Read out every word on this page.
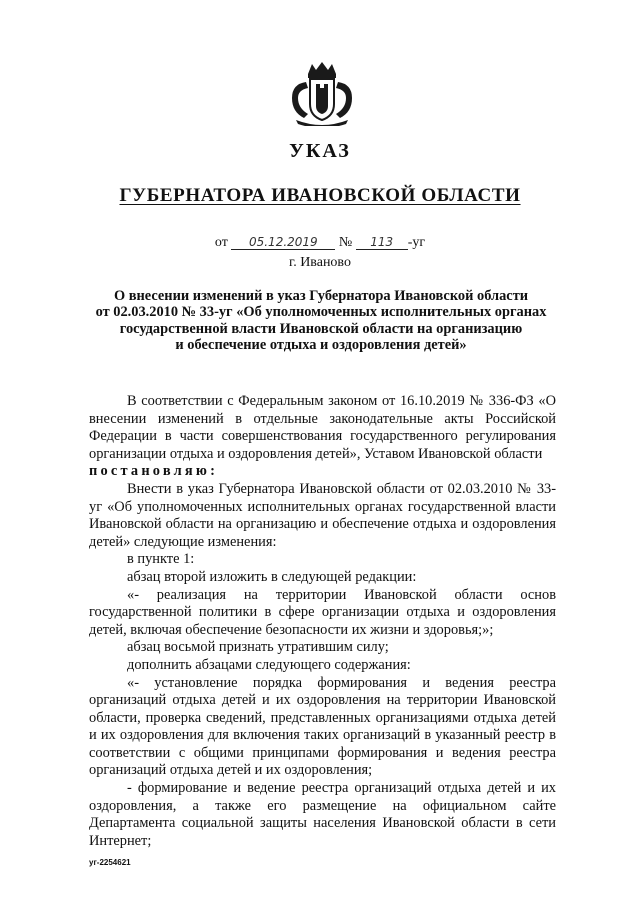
УКАЗ
ГУБЕРНАТОРА ИВАНОВСКОЙ ОБЛАСТИ
от 05.12.2019 № 113 -уг
г. Иваново
О внесении изменений в указ Губернатора Ивановской области
от 02.03.2010 № 33-уг «Об уполномоченных исполнительных органах
государственной власти Ивановской области на организацию
и обеспечение отдыха и оздоровления детей»

В соответствии с Федеральным законом от 16.10.2019 № 336-ФЗ «О внесении изменений в отдельные законодательные акты Российской Федерации в части совершенствования государственного регулирования организации отдыха и оздоровления детей», Уставом Ивановской области

постановляю:

Внести в указ Губернатора Ивановской области от 02.03.2010 № 33-уг «Об уполномоченных исполнительных органах государственной власти Ивановской области на организацию и обеспечение отдыха и оздоровления детей» следующие изменения:

в пункте 1:

абзац второй изложить в следующей редакции:

«- реализация на территории Ивановской области основ государственной политики в сфере организации отдыха и оздоровления детей, включая обеспечение безопасности их жизни и здоровья;»;

абзац восьмой признать утратившим силу;

дополнить абзацами следующего содержания:

«- установление порядка формирования и ведения реестра организаций отдыха детей и их оздоровления на территории Ивановской области, проверка сведений, представленных организациями отдыха детей и их оздоровления для включения таких организаций в указанный реестр в соответствии с общими принципами формирования и ведения реестра организаций отдыха детей и их оздоровления;

- формирование и ведение реестра организаций отдыха детей и их оздоровления, а также его размещение на официальном сайте Департамента социальной защиты населения Ивановской области в сети Интернет;

уг-2254621
